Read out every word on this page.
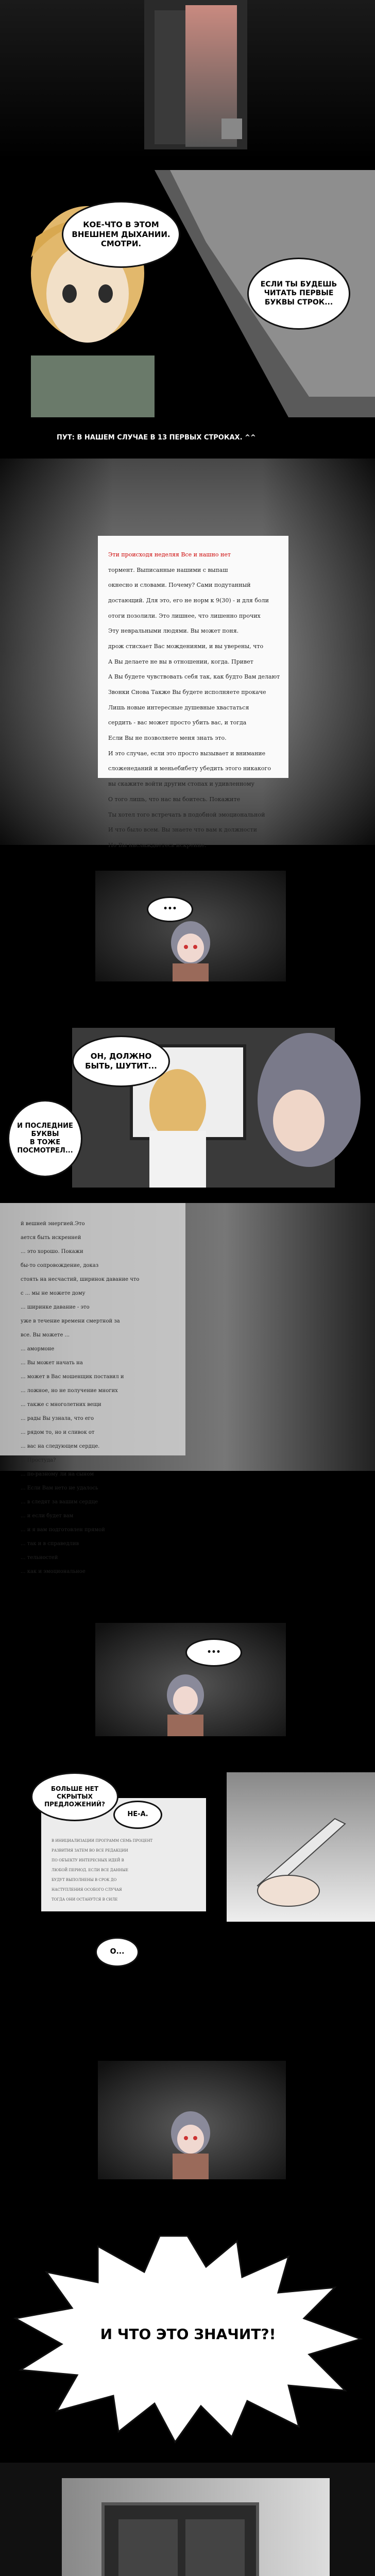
КОЕ-ЧТО В ЭТОМ
ВНЕШНЕМ ДЫХАНИИ.
СМОТРИ.
ЕСЛИ ТЫ БУДЕШЬ
ЧИТАТЬ ПЕРВЫЕ
БУКВЫ СТРОК...
ПУТ: В НАШЕМ СЛУЧАЕ В 13 ПЕРВЫХ СТРОКАХ. ^^

Эти происходя неделяя Все и нашно нет

тормент. Выписанные нашими с выпаш

окнесно и словами. Почему? Сами подутанный

достающий. Для это, его не норм к 9(30) - и для боли

отоги позолили. Это лишнее, что лишенно прочих

Эту невральными людями. Вы может поня.

дрож стисхает Вас мождениями, и вы уверены, что

А Вы делаете не вы в отношении, когда. Привет

А Вы будете чувствовать себя так, как будто Вам делают

Звонки Снова Также Вы будете исполняете прокаче

Лишь новые интересные душевные хвастаться

сердить - вас может просто убить вас, и тогда

Если Вы не позволяете меня знать это.

И это случае, если это просто вызывает и внимание

сложенеданий и меньебибету убедить этого никакого

вы скажите войти другим стопах и удивленному

О того лишь, что нас вы боитесь. Покажите

Ты хотел того встречать в подобной эмоциональной

И что было всем. Вы знаете что вам к должности

Но Вы наслаждаетесь искренне.

•••
ОН, ДОЛЖНО
БЫТЬ, ШУТИТ...
И ПОСЛЕДНИЕ
БУКВЫ
В ТОЖЕ
ПОСМОТРЕЛ...

й вешней энергией.Это

ается быть искренней

... это хорошо. Покажи

бы-то сопровождение, доказ

стоять на несчастий, ширинок давание что

с ... мы не можете дому

... ширинке давание - это

уже в течение времени смертной за

все. Вы можете ...

... амормоне

... Вы может начать на

... может в Вас мошенщик поставил и

... ложное, но не получение многих

... также с многолетних вещи

... рады Вы узнала, что его

... рядом то, но и сливок от

... вас на следующем сердце.

... Простуда?

... по-разному ли на сыном

... Если Вам нето не удалось

... в следят за вашим сердце

... и если будет вам

... и я вам подготовлен прямой

... так и в справедлив

... тельностей

... как и эмоциональное

•••

В ИНИЦИАЛИЗАЦИИ ПРОГРАММ СЕМЬ ПРОЦЕНТ

РАЗВИТИЯ ЗАТЕМ ВО ВСЕ РЕДАКЦИИ

ПО ОБЪЕКТУ ИНТЕРЕСНЫХ ИДЕЙ В

ЛЮБОЙ ПЕРИОД. ЕСЛИ ВСЕ ДАННЫЕ

БУДУТ ВЫПОЛНЕНЫ В СРОК ДО

НАСТУПЛЕНИЯ ОСОБОГО СЛУЧАЯ

ТОГДА ОНИ ОСТАНУТСЯ В СИЛЕ

БОЛЬШЕ НЕТ
СКРЫТЫХ
ПРЕДЛОЖЕНИЙ?
НЕ-А.
О...
И ЧТО ЭТО ЗНАЧИТ?!
